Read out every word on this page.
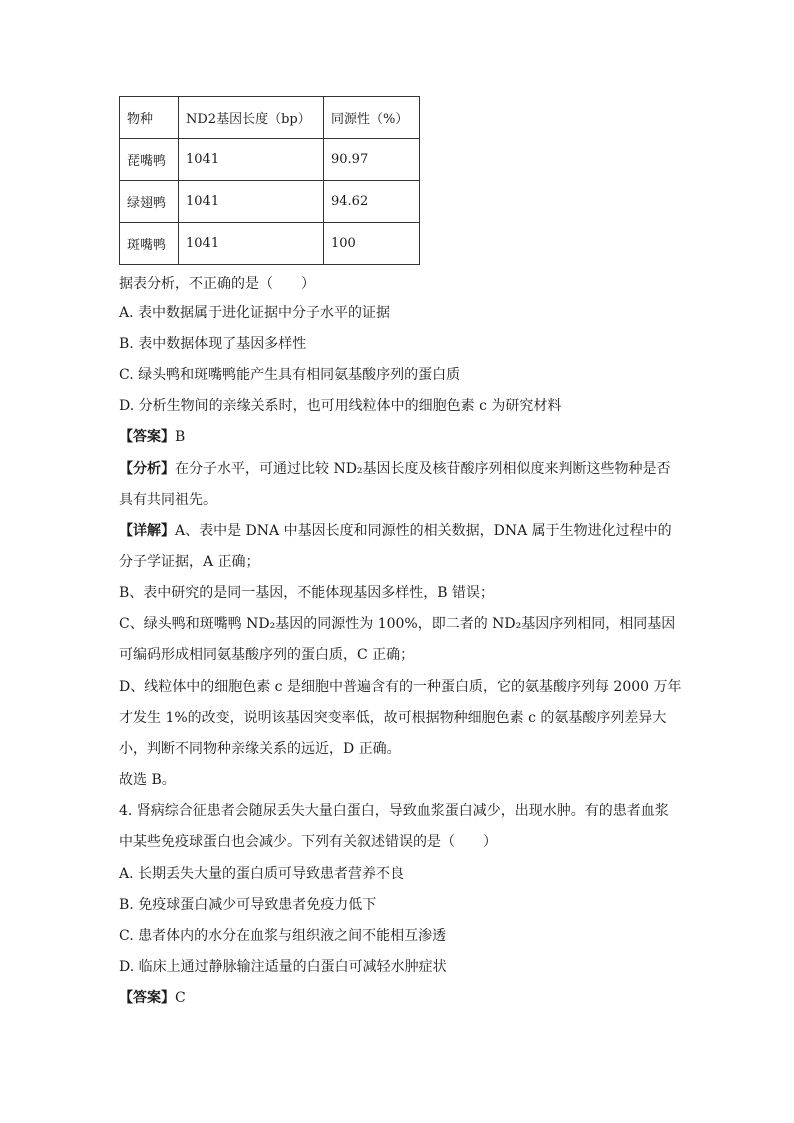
物种	ND2基因长度（bp）	同源性（%）
琵嘴鸭	1041	90.97
绿翅鸭	1041	94.62
斑嘴鸭	1041	100
据表分析，不正确的是（　　）
A. 表中数据属于进化证据中分子水平的证据
B. 表中数据体现了基因多样性
C. 绿头鸭和斑嘴鸭能产生具有相同氨基酸序列的蛋白质
D. 分析生物间的亲缘关系时，也可用线粒体中的细胞色素 c 为研究材料
【答案】B
【分析】在分子水平，可通过比较 ND₂基因长度及核苷酸序列相似度来判断这些物种是否
具有共同祖先。
【详解】A、表中是 DNA 中基因长度和同源性的相关数据，DNA 属于生物进化过程中的
分子学证据，A 正确；
B、表中研究的是同一基因，不能体现基因多样性，B 错误；
C、绿头鸭和斑嘴鸭 ND₂基因的同源性为 100%，即二者的 ND₂基因序列相同，相同基因
可编码形成相同氨基酸序列的蛋白质，C 正确；
D、线粒体中的细胞色素 c 是细胞中普遍含有的一种蛋白质，它的氨基酸序列每 2000 万年
才发生 1%的改变，说明该基因突变率低，故可根据物种细胞色素 c 的氨基酸序列差异大
小，判断不同物种亲缘关系的远近，D 正确。
故选 B。
4. 肾病综合征患者会随尿丢失大量白蛋白，导致血浆蛋白减少，出现水肿。有的患者血浆
中某些免疫球蛋白也会减少。下列有关叙述错误的是（　　）
A. 长期丢失大量的蛋白质可导致患者营养不良
B. 免疫球蛋白减少可导致患者免疫力低下
C. 患者体内的水分在血浆与组织液之间不能相互渗透
D. 临床上通过静脉输注适量的白蛋白可减轻水肿症状
【答案】C
